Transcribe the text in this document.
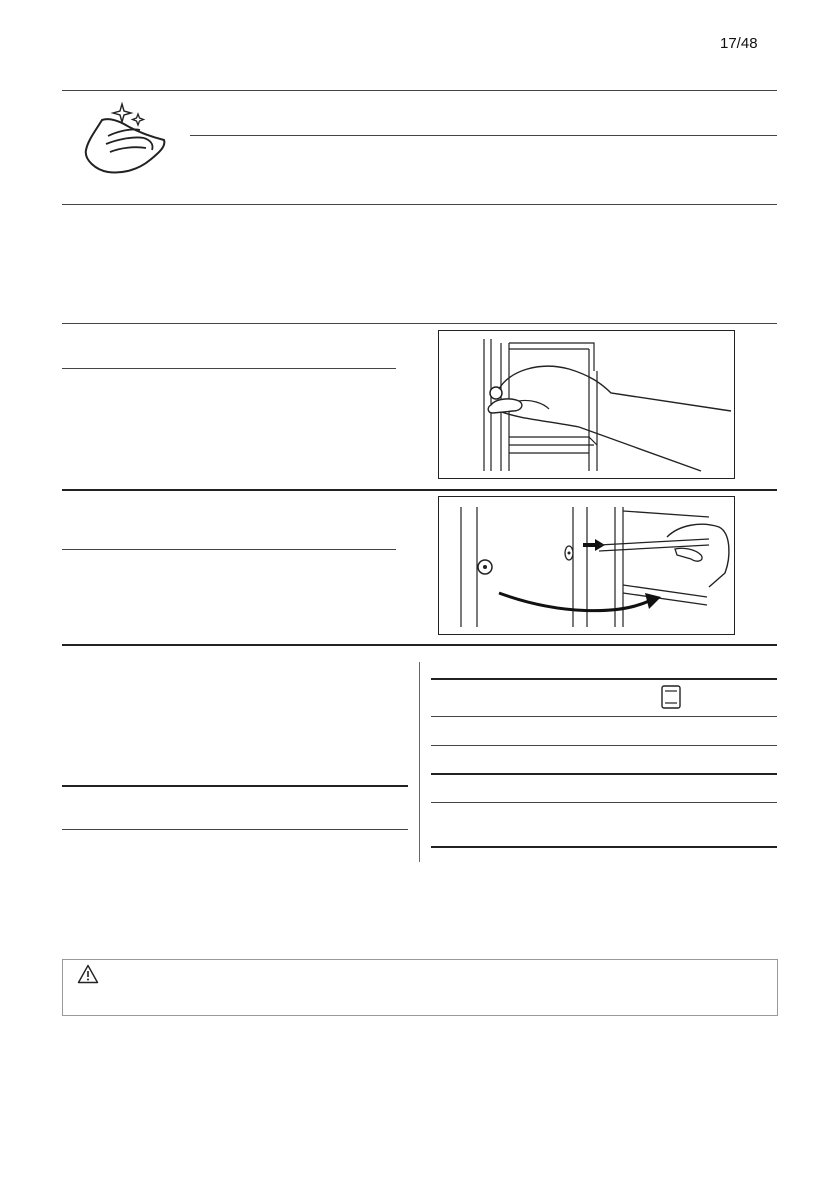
17/48
